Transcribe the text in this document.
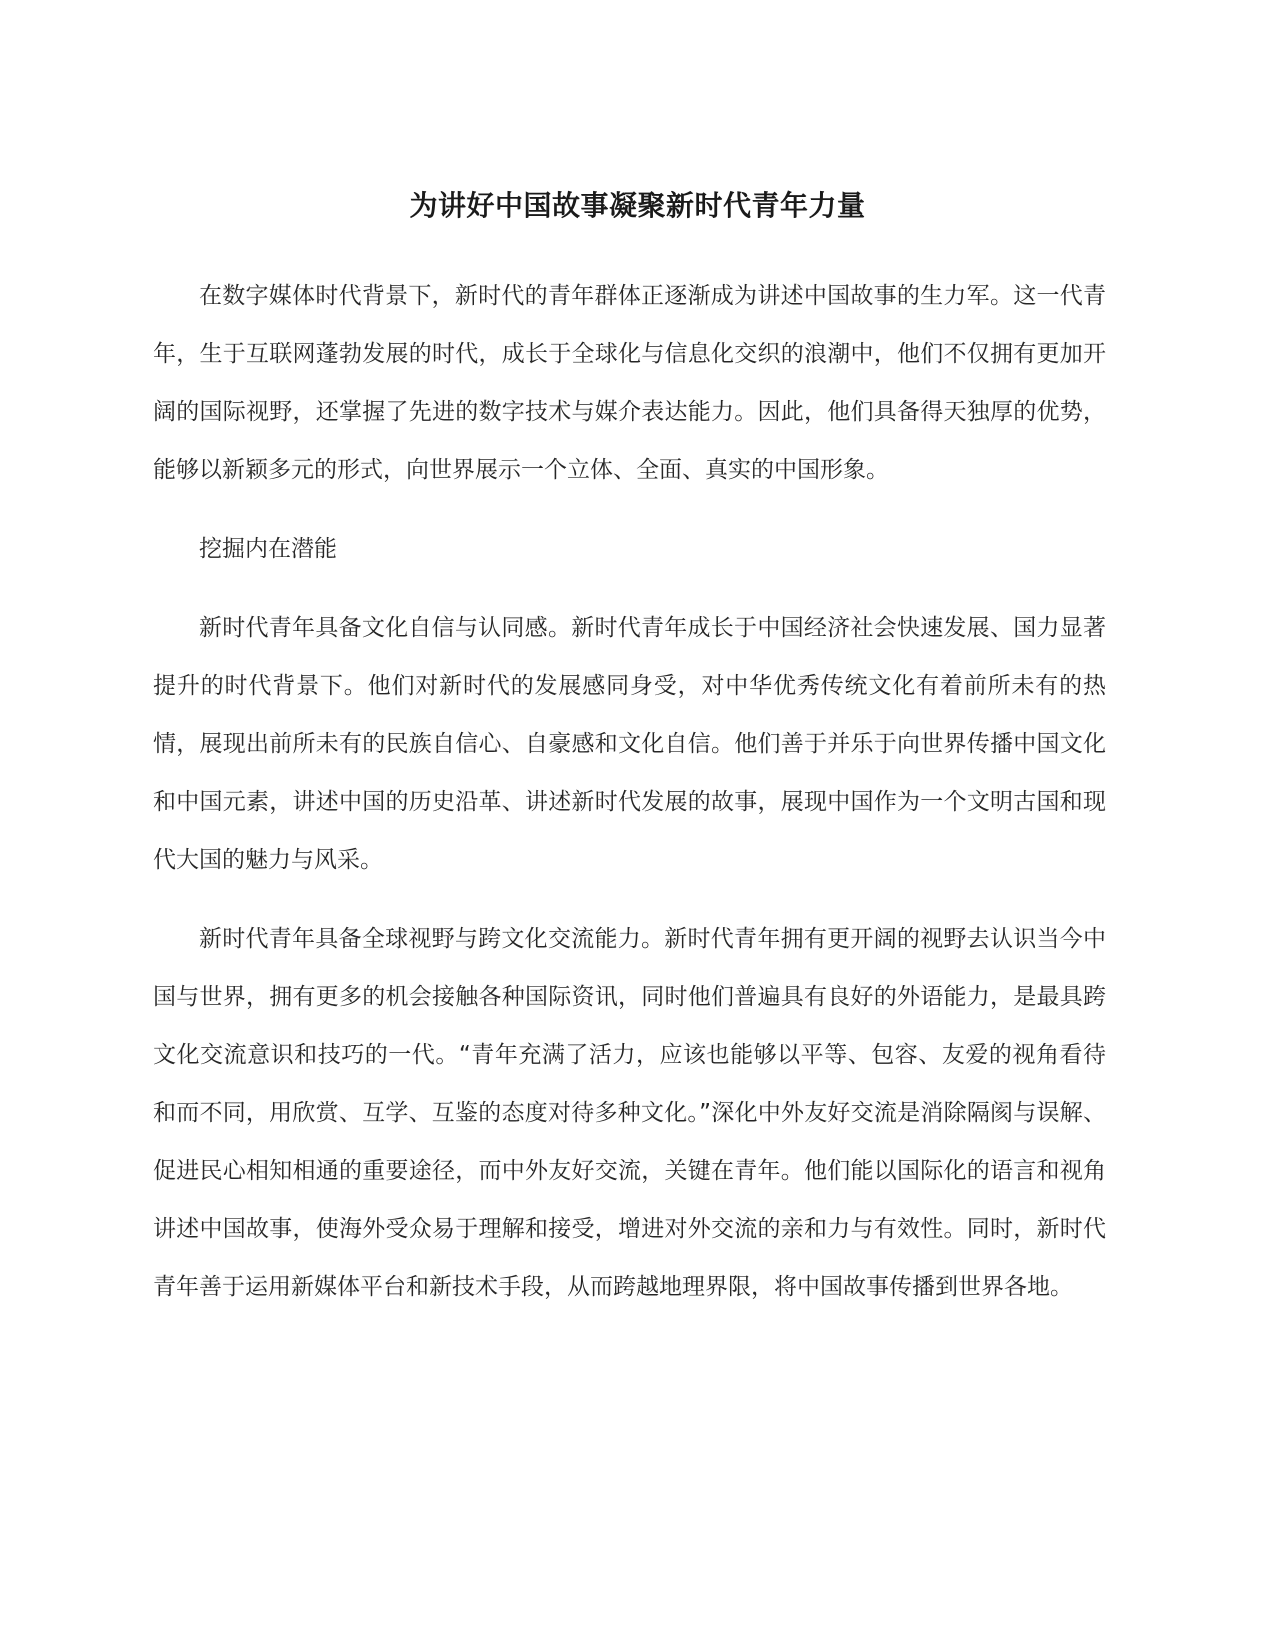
为讲好中国故事凝聚新时代青年力量

在数字媒体时代背景下，新时代的青年群体正逐渐成为讲述中国故事的生力军。这一代青年，生于互联网蓬勃发展的时代，成长于全球化与信息化交织的浪潮中，他们不仅拥有更加开阔的国际视野，还掌握了先进的数字技术与媒介表达能力。因此，他们具备得天独厚的优势，能够以新颖多元的形式，向世界展示一个立体、全面、真实的中国形象。

挖掘内在潜能

新时代青年具备文化自信与认同感。新时代青年成长于中国经济社会快速发展、国力显著提升的时代背景下。他们对新时代的发展感同身受，对中华优秀传统文化有着前所未有的热情，展现出前所未有的民族自信心、自豪感和文化自信。他们善于并乐于向世界传播中国文化和中国元素，讲述中国的历史沿革、讲述新时代发展的故事，展现中国作为一个文明古国和现代大国的魅力与风采。

新时代青年具备全球视野与跨文化交流能力。新时代青年拥有更开阔的视野去认识当今中国与世界，拥有更多的机会接触各种国际资讯，同时他们普遍具有良好的外语能力，是最具跨文化交流意识和技巧的一代。“青年充满了活力，应该也能够以平等、包容、友爱的视角看待和而不同，用欣赏、互学、互鉴的态度对待多种文化。”深化中外友好交流是消除隔阂与误解、促进民心相知相通的重要途径，而中外友好交流，关键在青年。他们能以国际化的语言和视角讲述中国故事，使海外受众易于理解和接受，增进对外交流的亲和力与有效性。同时，新时代青年善于运用新媒体平台和新技术手段，从而跨越地理界限，将中国故事传播到世界各地。
